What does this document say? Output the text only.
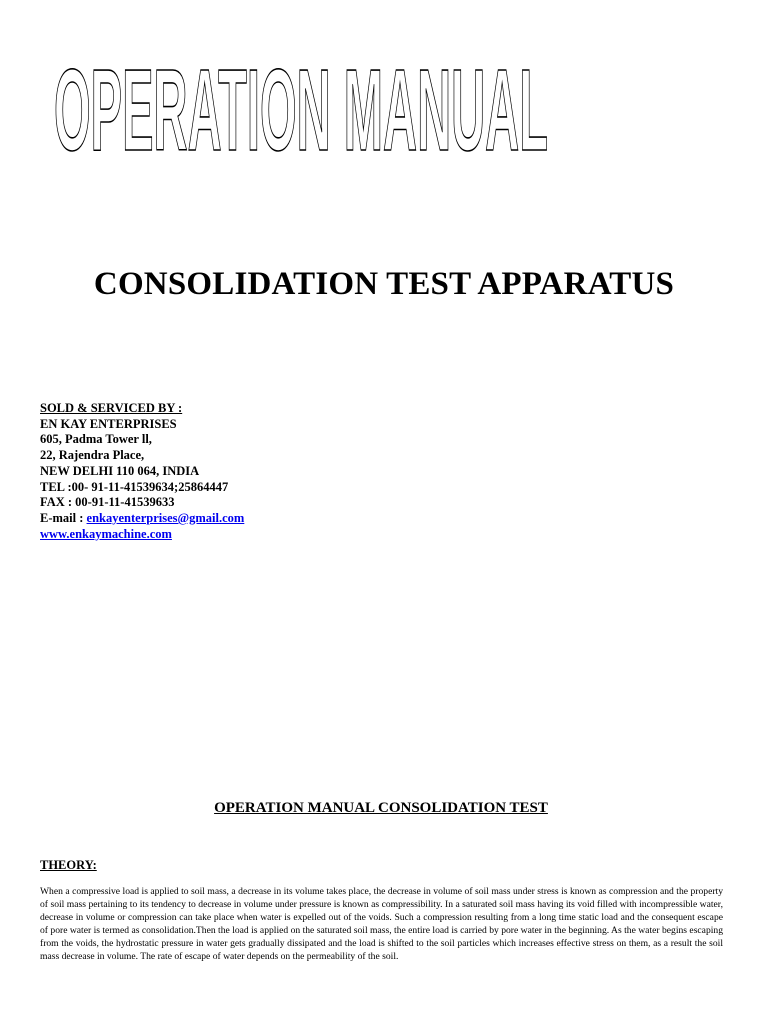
OPERATION MANUAL
CONSOLIDATION TEST APPARATUS
SOLD & SERVICED BY :
EN KAY ENTERPRISES
605, Padma Tower ll,
22, Rajendra Place,
NEW DELHI 110 064, INDIA
TEL :00- 91-11-41539634;25864447
FAX : 00-91-11-41539633
E-mail : enkayenterprises@gmail.com
www.enkaymachine.com
OPERATION MANUAL CONSOLIDATION TEST
THEORY:
When a compressive load is applied to soil mass, a decrease in its volume takes place, the decrease in volume of soil mass under stress is known as compression and the property of soil mass pertaining to its tendency to decrease in volume under pressure is known as compressibility. In a saturated soil mass having its void filled with incompressible water, decrease in volume or compression can take place when water is expelled out of the voids. Such a compression resulting from a long time static load and the consequent escape of pore water is termed as consolidation.Then the load is applied on the saturated soil mass, the entire load is carried by pore water in the beginning. As the water begins escaping from the voids, the hydrostatic pressure in water gets gradually dissipated and the load is shifted to the soil particles which increases effective stress on them, as a result the soil mass decrease in volume. The rate of escape of water depends on the permeability of the soil.
